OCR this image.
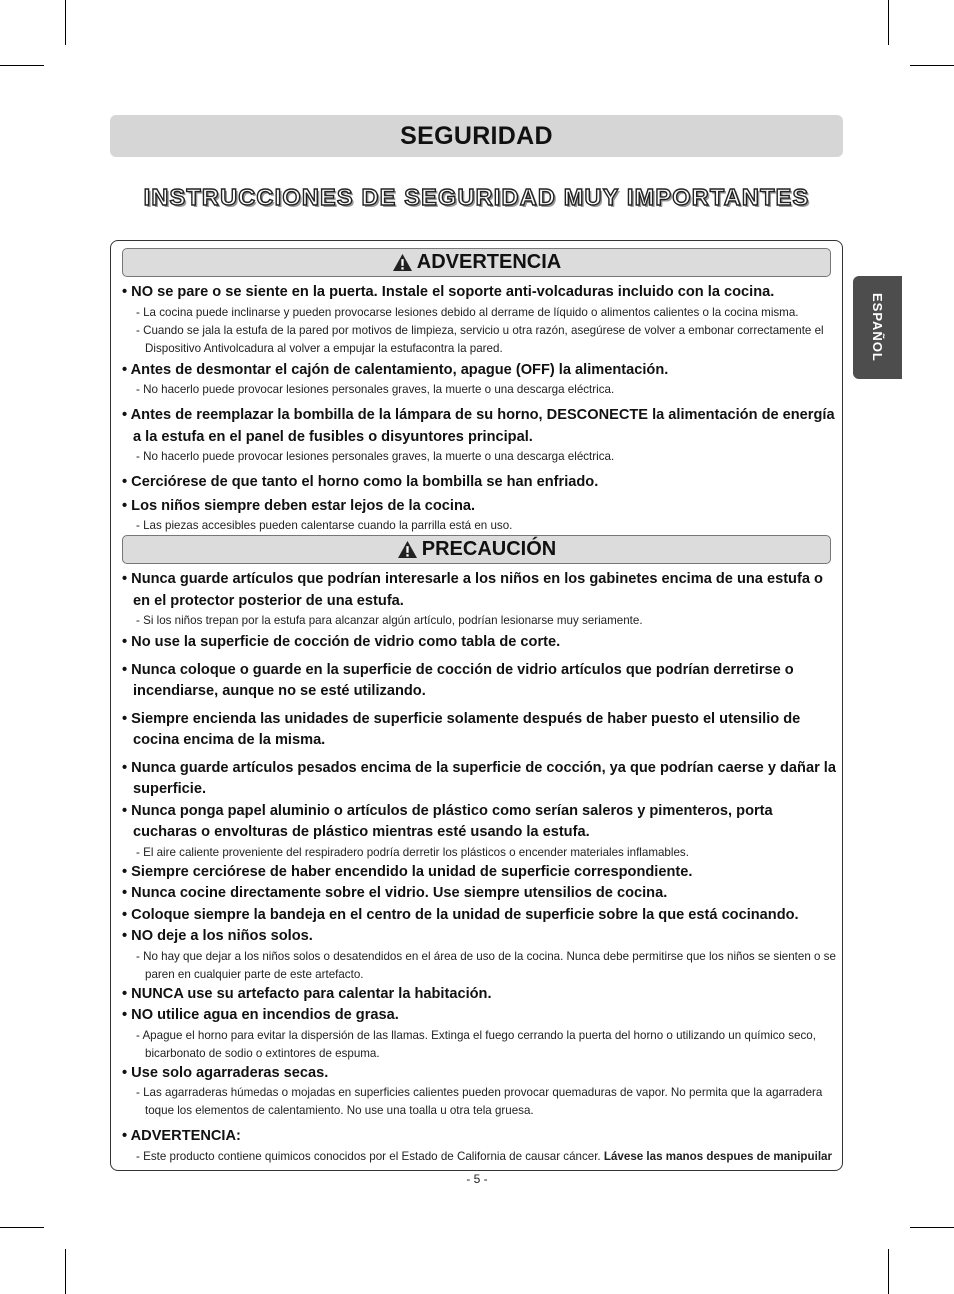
SEGURIDAD
INSTRUCCIONES DE SEGURIDAD MUY IMPORTANTES
ESPAÑOL
ADVERTENCIA
• NO se pare o se siente en la puerta. Instale el soporte anti-volcaduras incluido con la cocina.
- La cocina puede inclinarse y pueden provocarse lesiones debido al derrame de líquido o alimentos calientes o la cocina misma.
- Cuando se jala la estufa de la pared por motivos de limpieza, servicio u otra razón, asegúrese de volver a embonar correctamente el Dispositivo Antivolcadura al volver a empujar la estufacontra la pared.
• Antes de desmontar el cajón de calentamiento, apague (OFF) la alimentación.
- No hacerlo puede provocar lesiones personales graves, la muerte o una descarga eléctrica.
• Antes de reemplazar la bombilla de la lámpara de su horno, DESCONECTE la alimentación de energía a la estufa en el panel de fusibles o disyuntores principal.
- No hacerlo puede provocar lesiones personales graves, la muerte o una descarga eléctrica.
• Cerciórese de que tanto el horno como la bombilla se han enfriado.
• Los niños siempre deben estar lejos de la cocina.
- Las piezas accesibles pueden calentarse cuando la parrilla está en uso.
PRECAUCIÓN
• Nunca guarde artículos que podrían interesarle a los niños en los gabinetes encima de una estufa o en el protector posterior de una estufa.
- Si los niños trepan por la estufa para alcanzar algún artículo, podrían lesionarse muy seriamente.
• No use la superficie de cocción de vidrio como tabla de corte.
• Nunca coloque o guarde en la superficie de cocción de vidrio artículos que podrían derretirse o incendiarse, aunque no se esté utilizando.
• Siempre encienda las unidades de superficie solamente después de haber puesto el utensilio de cocina encima de la misma.
• Nunca guarde artículos pesados encima de la superficie de cocción, ya que podrían caerse y dañar la superficie.
• Nunca ponga papel aluminio o artículos de plástico como serían saleros y pimenteros, porta cucharas o envolturas de plástico mientras esté usando la estufa.
- El aire caliente proveniente del respiradero podría derretir los plásticos o encender materiales inflamables.
• Siempre cerciórese de haber encendido la unidad de superficie correspondiente.
• Nunca cocine directamente sobre el vidrio. Use siempre utensilios de cocina.
• Coloque siempre la bandeja en el centro de la unidad de superficie sobre la que está cocinando.
• NO deje a los niños solos.
- No hay que dejar a los niños solos o desatendidos en el área de uso de la cocina. Nunca debe permitirse que los niños se sienten o se paren en cualquier parte de este artefacto.
• NUNCA use su artefacto para calentar la habitación.
• NO utilice agua en incendios de grasa.
- Apague el horno para evitar la dispersión de las llamas. Extinga el fuego cerrando la puerta del horno o utilizando un químico seco, bicarbonato de sodio o extintores de espuma.
• Use solo agarraderas secas.
- Las agarraderas húmedas o mojadas en superficies calientes pueden provocar quemaduras de vapor. No permita que la agarradera toque los elementos de calentamiento. No use una toalla u otra tela gruesa.
• ADVERTENCIA:
- Este producto contiene quimicos conocidos por el Estado de California de causar cáncer. Lávese las manos despues de manipuilar
- 5 -
